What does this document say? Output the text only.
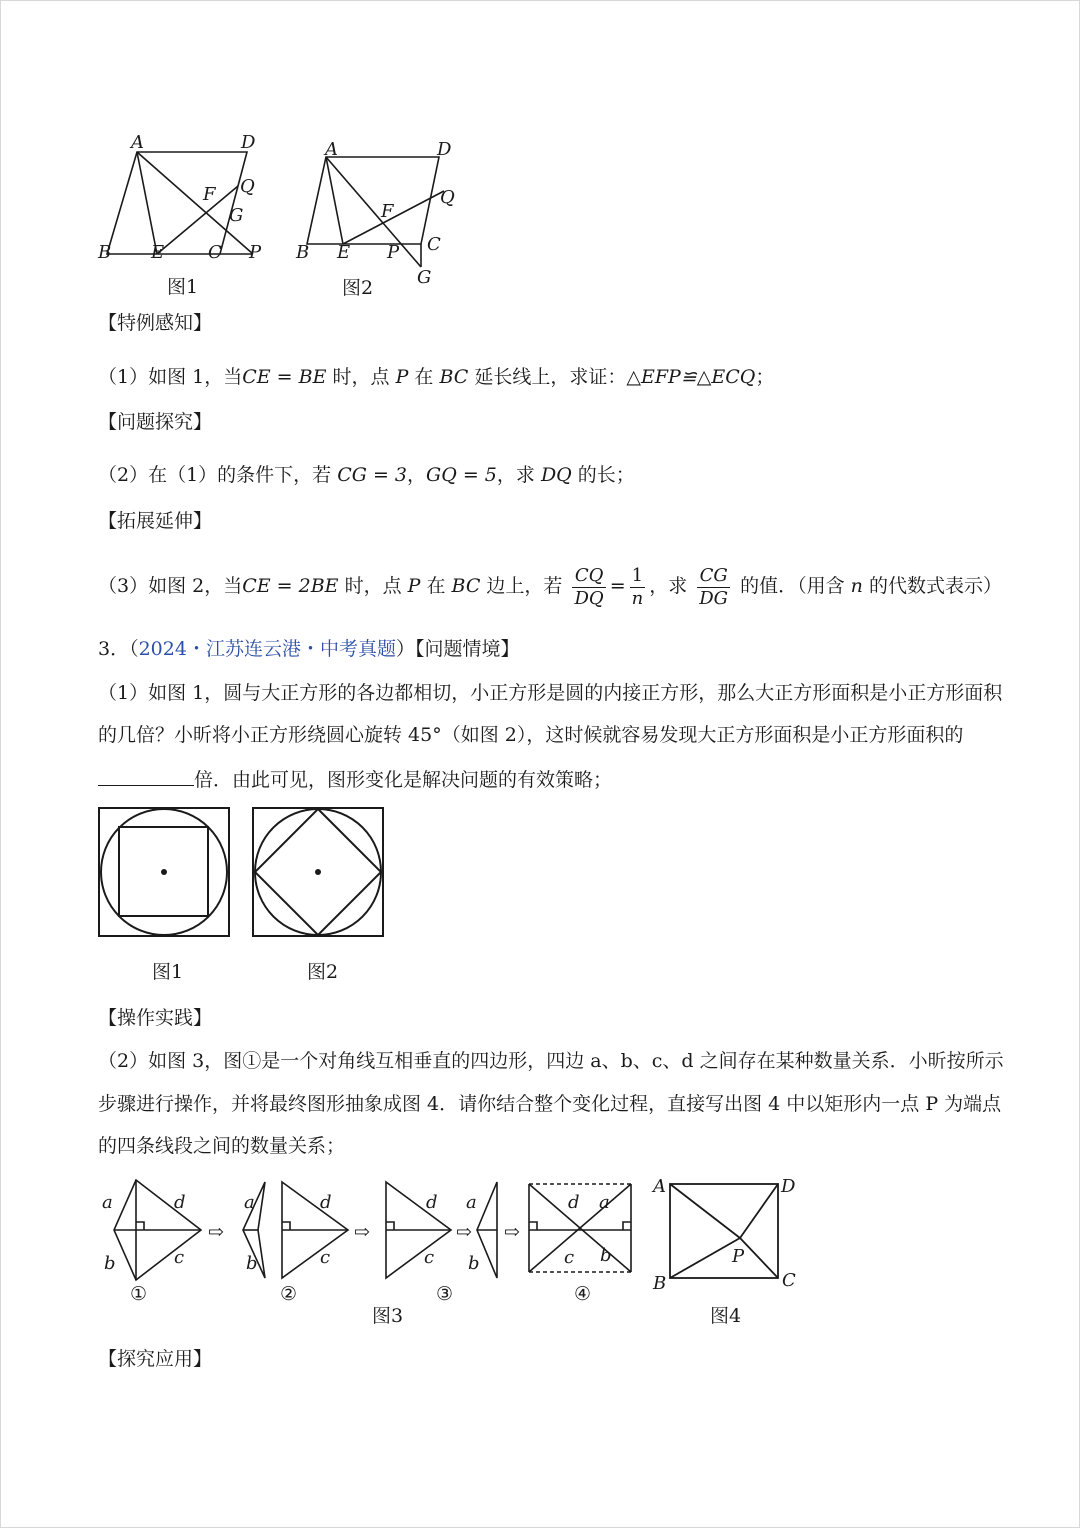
A	D
B E C P
F Q
G
图1
A	D
B E P C
F
Q
G
图2
【特例感知】
（1）如图 1，当CE = BE 时，点 P 在 BC 延长线上，求证：△EFP≌△ECQ；
【问题探究】
（2）在（1）的条件下，若 CG = 3，GQ = 5，求 DQ 的长；
【拓展延伸】
（3）如图 2，当CE = 2BE 时，点 P 在 BC 边上，若 $\frac{CQ}{DQ} = \frac{1}{n}$ ，求 $\frac{CG}{DG}$ 的值．（用含 n 的代数式表示）
3．（2024・江苏连云港・中考真题）【问题情境】
（1）如图 1，圆与大正方形的各边都相切，小正方形是圆的内接正方形，那么大正方形面积是小正方形面积
的几倍？小昕将小正方形绕圆心旋转 45°（如图 2），这时候就容易发现大正方形面积是小正方形面积的
倍．由此可见，图形变化是解决问题的有效策略；
图1	图2
【操作实践】
（2）如图 3，图①是一个对角线互相垂直的四边形，四边 a、b、c、d 之间存在某种数量关系．小昕按所示
步骤进行操作，并将最终图形抽象成图 4．请你结合整个变化过程，直接写出图 4 中以矩形内一点 P 为端点
的四条线段之间的数量关系；
a	d
b	c
a	d
b	c
d
c
a
b
d a
c b
⇨	⇨	⇨ ⇨
①	②	③	④
图3
A	D
B	C
P
图4
【探究应用】
